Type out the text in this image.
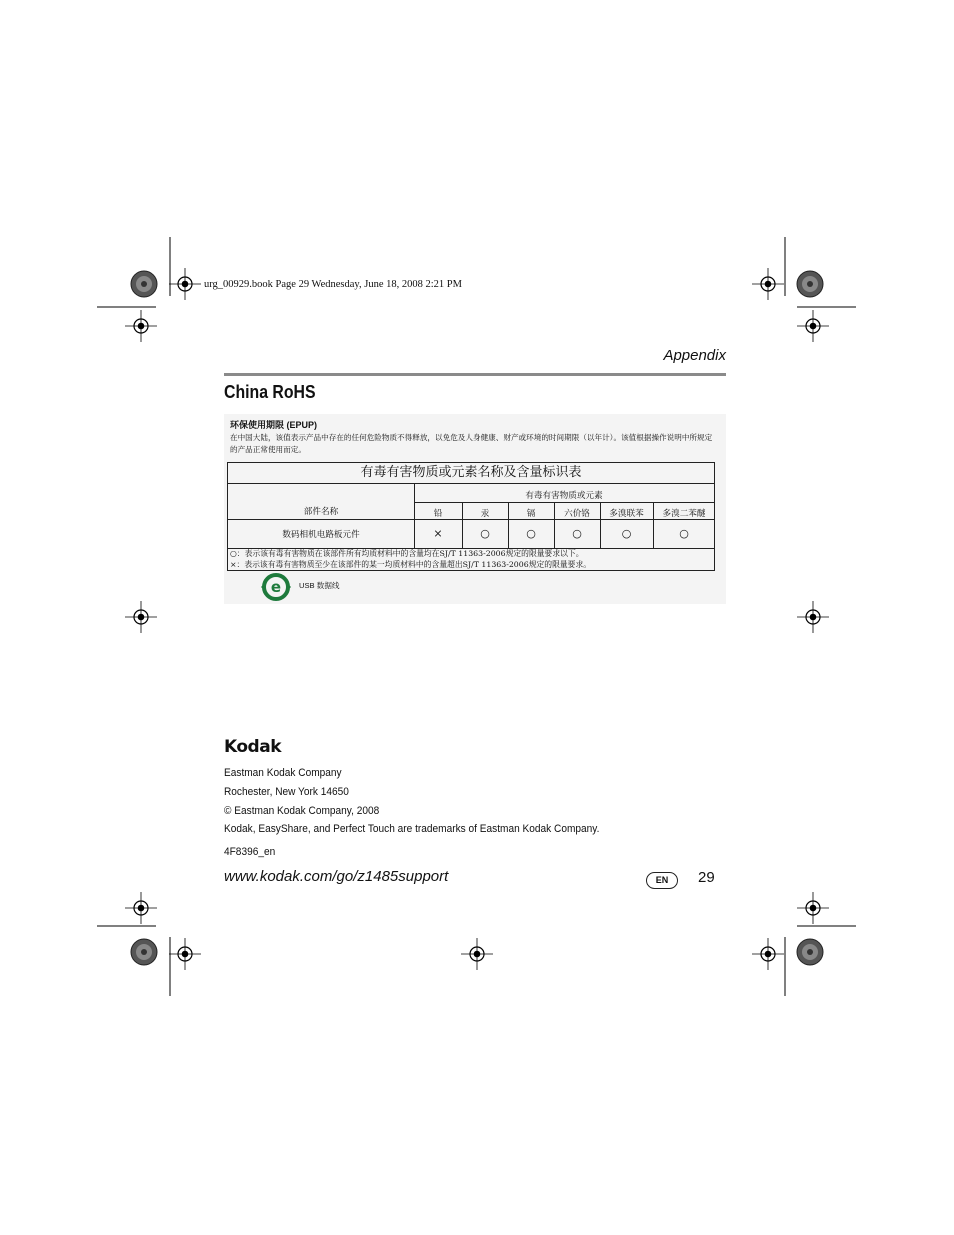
urg_00929.book Page 29 Wednesday, June 18, 2008 2:21 PM
Appendix
China RoHS
环保使用期限 (EPUP)
在中国大陆，该值表示产品中存在的任何危险物质不得释放，以免危及人身健康、财产或环境的时间期限（以年计）。该值根据操作说明中所规定的产品正常使用而定。
有毒有害物质或元素名称及含量标识表
部件名称
有毒有害物质或元素
铅	汞	镉	六价铬	多溴联苯	多溴二苯醚
数码相机电路板元件	×	○	○	○	○	○
○：表示该有毒有害物质在该部件所有均质材料中的含量均在SJ/T 11363-2006规定的限量要求以下。
×：表示该有毒有害物质至少在该部件的某一均质材料中的含量超出SJ/T 11363-2006规定的限量要求。
e USB 数据线
Kodak
Eastman Kodak Company
Rochester, New York 14650
© Eastman Kodak Company, 2008
Kodak, EasyShare, and Perfect Touch are trademarks of Eastman Kodak Company.
4F8396_en
www.kodak.com/go/z1485support	EN	29
